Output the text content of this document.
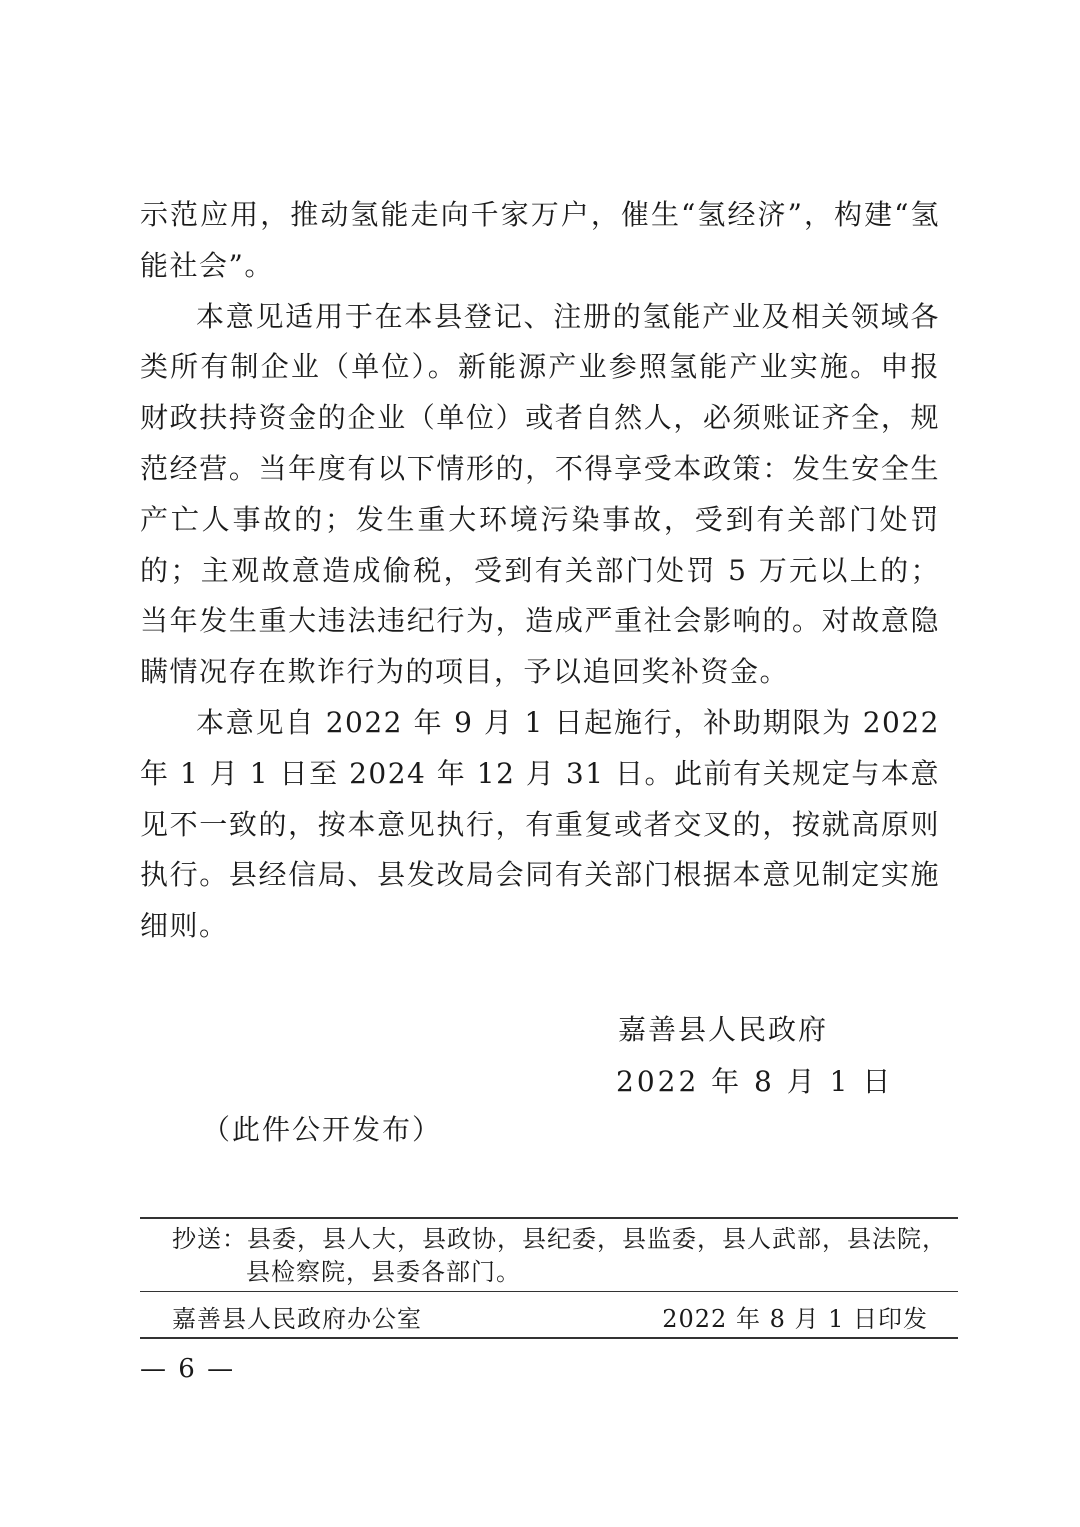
示范应用，推动氢能走向千家万户，催生“氢经济”，构建“氢能社会”。

本意见适用于在本县登记、注册的氢能产业及相关领域各类所有制企业（单位）。新能源产业参照氢能产业实施。申报财政扶持资金的企业（单位）或者自然人，必须账证齐全，规范经营。当年度有以下情形的，不得享受本政策：发生安全生产亡人事故的；发生重大环境污染事故，受到有关部门处罚的；主观故意造成偷税，受到有关部门处罚 5 万元以上的；当年发生重大违法违纪行为，造成严重社会影响的。对故意隐瞒情况存在欺诈行为的项目，予以追回奖补资金。

本意见自 2022 年 9 月 1 日起施行，补助期限为 2022 年 1 月 1 日至 2024 年 12 月 31 日。此前有关规定与本意见不一致的，按本意见执行，有重复或者交叉的，按就高原则执行。县经信局、县发改局会同有关部门根据本意见制定实施细则。

嘉善县人民政府
2022 年 8 月 1 日
（此件公开发布）
抄送：县委，县人大，县政协，县纪委，县监委，县人武部，县法院，
县检察院，县委各部门。
嘉善县人民政府办公室	2022 年 8 月 1 日印发
— 6 —
